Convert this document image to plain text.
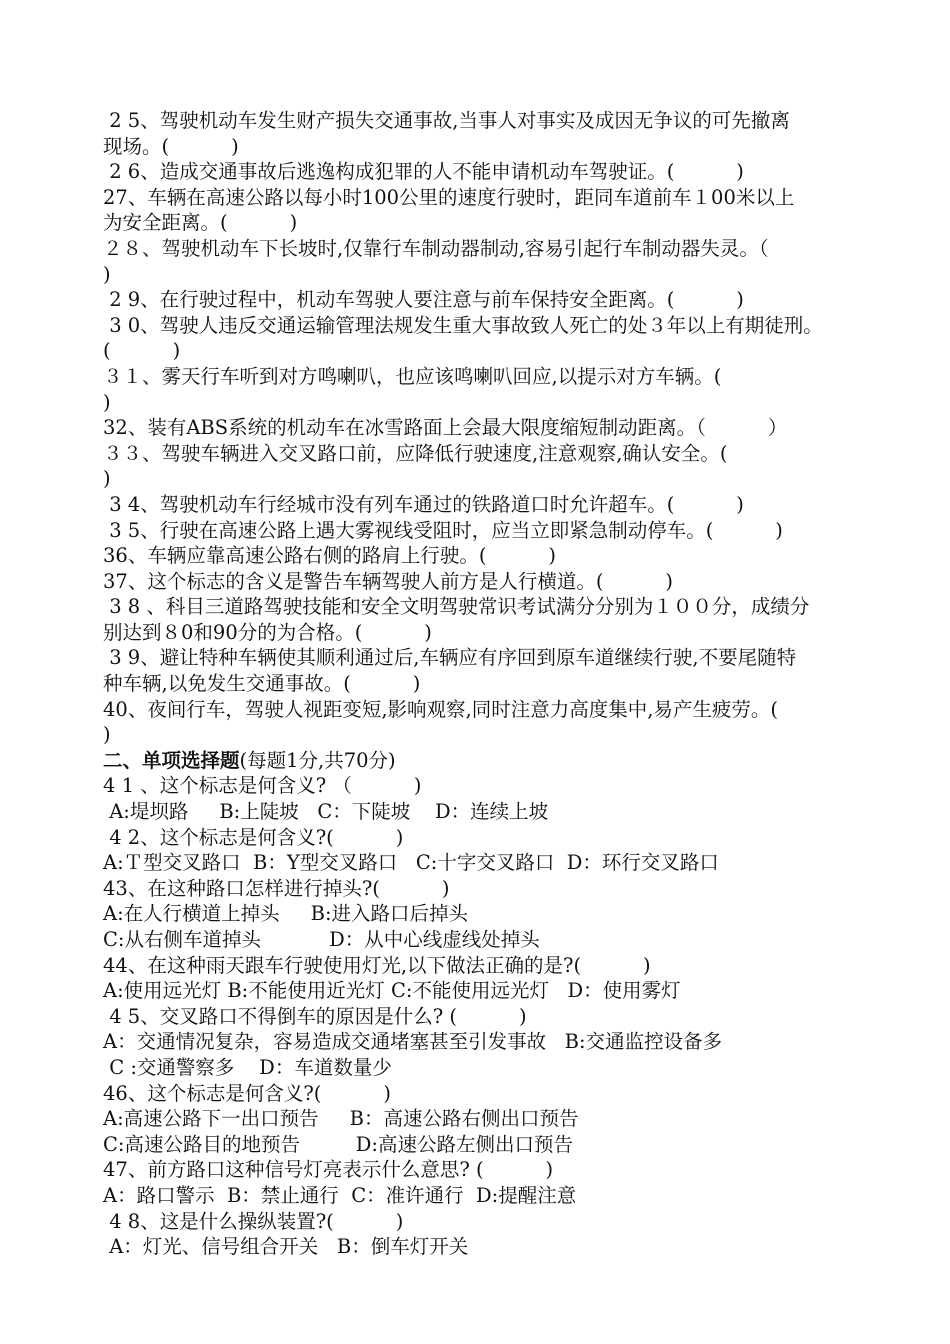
2 5、驾驶机动车发生财产损失交通事故,当事人对事实及成因无争议的可先撤离
现场。(          )
2 6、造成交通事故后逃逸构成犯罪的人不能申请机动车驾驶证。(          )
27、车辆在高速公路以每小时100公里的速度行驶时，距同车道前车１00米以上
为安全距离。(          )
２８、驾驶机动车下长坡时,仅靠行车制动器制动,容易引起行车制动器失灵。（
)
2 9、在行驶过程中，机动车驾驶人要注意与前车保持安全距离。(          )
3 0、驾驶人违反交通运输管理法规发生重大事故致人死亡的处３年以上有期徒刑。
(          )
３１、雾天行车听到对方鸣喇叭，也应该鸣喇叭回应,以提示对方车辆。(
)
32、装有ABS系统的机动车在冰雪路面上会最大限度缩短制动距离。（          ）
３３、驾驶车辆进入交叉路口前，应降低行驶速度,注意观察,确认安全。(
)
3 4、驾驶机动车行经城市没有列车通过的铁路道口时允许超车。(          )
3 5、行驶在高速公路上遇大雾视线受阻时，应当立即紧急制动停车。(          )
36、车辆应靠高速公路右侧的路肩上行驶。(          )
37、这个标志的含义是警告车辆驾驶人前方是人行横道。(          )
3 8 、科目三道路驾驶技能和安全文明驾驶常识考试满分分别为１００分，成绩分
别达到８0和90分的为合格。(          )
3 9、避让特种车辆使其顺利通过后,车辆应有序回到原车道继续行驶,不要尾随特
种车辆,以免发生交通事故。(          )
40、夜间行车，驾驶人视距变短,影响观察,同时注意力高度集中,易产生疲劳。(
)
二、单项选择题(每题1分,共70分)
4 1 、这个标志是何含义? （          )
A:堤坝路     B:上陡坡   C：下陡坡    D：连续上坡
4 2、这个标志是何含义?(          )
A:Ｔ型交叉路口  B：Y型交叉路口   C:十字交叉路口  D：环行交叉路口
43、在这种路口怎样进行掉头?(          )
A:在人行横道上掉头     B:进入路口后掉头
C:从右侧车道掉头           D：从中心线虚线处掉头
44、在这种雨天跟车行驶使用灯光,以下做法正确的是?(          )
A:使用远光灯 B:不能使用近光灯 C:不能使用远光灯   D：使用雾灯
4 5、交叉路口不得倒车的原因是什么? (          )
A：交通情况复杂，容易造成交通堵塞甚至引发事故   B:交通监控设备多
C :交通警察多    D：车道数量少
46、这个标志是何含义?(          )
A:高速公路下一出口预告     B：高速公路右侧出口预告
C:高速公路目的地预告         D:高速公路左侧出口预告
47、前方路口这种信号灯亮表示什么意思? (          )
A：路口警示  B：禁止通行  C：准许通行  D:提醒注意
4 8、这是什么操纵装置?(          )
A：灯光、信号组合开关   B：倒车灯开关
